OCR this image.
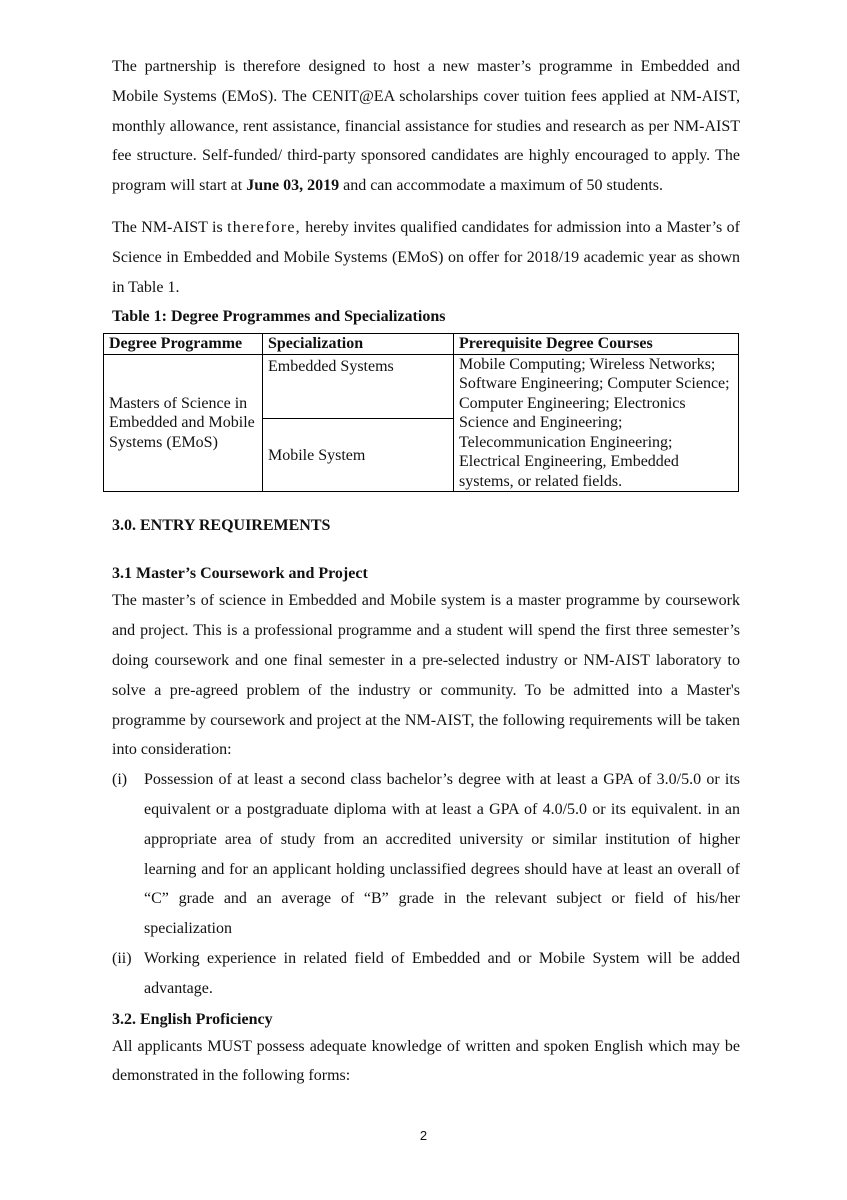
The partnership is therefore designed to host a new master’s programme in Embedded and Mobile Systems (EMoS). The CENIT@EA scholarships cover tuition fees applied at NM-AIST, monthly allowance, rent assistance, financial assistance for studies and research as per NM-AIST fee structure. Self-funded/ third-party sponsored candidates are highly encouraged to apply. The program will start at June 03, 2019 and can accommodate a maximum of 50 students.

The NM-AIST is therefore, hereby invites qualified candidates for admission into a Master’s of Science in Embedded and Mobile Systems (EMoS) on offer for 2018/19 academic year as shown in Table 1.

Table 1: Degree Programmes and Specializations
Degree Programme	Specialization	Prerequisite Degree Courses
Masters of Science in Embedded and Mobile Systems (EMoS)	Embedded Systems	Mobile Computing; Wireless Networks; Software Engineering; Computer Science; Computer Engineering; Electronics Science and Engineering; Telecommunication Engineering; Electrical Engineering, Embedded systems, or related fields.
	Mobile System	
3.0. ENTRY REQUIREMENTS
3.1 Master’s Coursework and Project

The master’s of science in Embedded and Mobile system is a master programme by coursework and project. This is a professional programme and a student will spend the first three semester’s doing coursework and one final semester in a pre-selected industry or NM-AIST laboratory to solve a pre-agreed problem of the industry or community. To be admitted into a Master's programme by coursework and project at the NM-AIST, the following requirements will be taken into consideration:

(i) Possession of at least a second class bachelor’s degree with at least a GPA of 3.0/5.0 or its equivalent or a postgraduate diploma with at least a GPA of 4.0/5.0 or its equivalent. in an appropriate area of study from an accredited university or similar institution of higher learning and for an applicant holding unclassified degrees should have at least an overall of “C” grade and an average of “B” grade in the relevant subject or field of his/her specialization
(ii) Working experience in related field of Embedded and or Mobile System will be added advantage.
3.2. English Proficiency

All applicants MUST possess adequate knowledge of written and spoken English which may be demonstrated in the following forms:

2
